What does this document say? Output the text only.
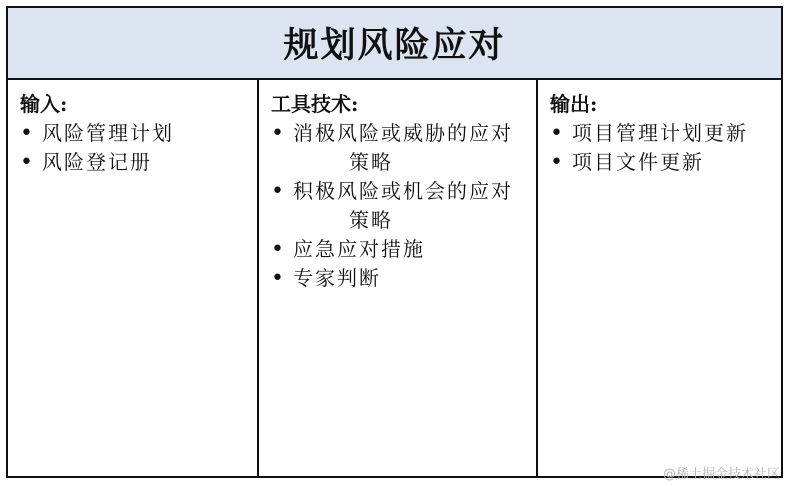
规划风险应对
输入:
• 风险管理计划
• 风险登记册
工具技术:
• 消极风险或威胁的应对
策略
• 积极风险或机会的应对
策略
• 应急应对措施
• 专家判断
输出:
• 项目管理计划更新
• 项目文件更新
@稀土掘金技术社区
